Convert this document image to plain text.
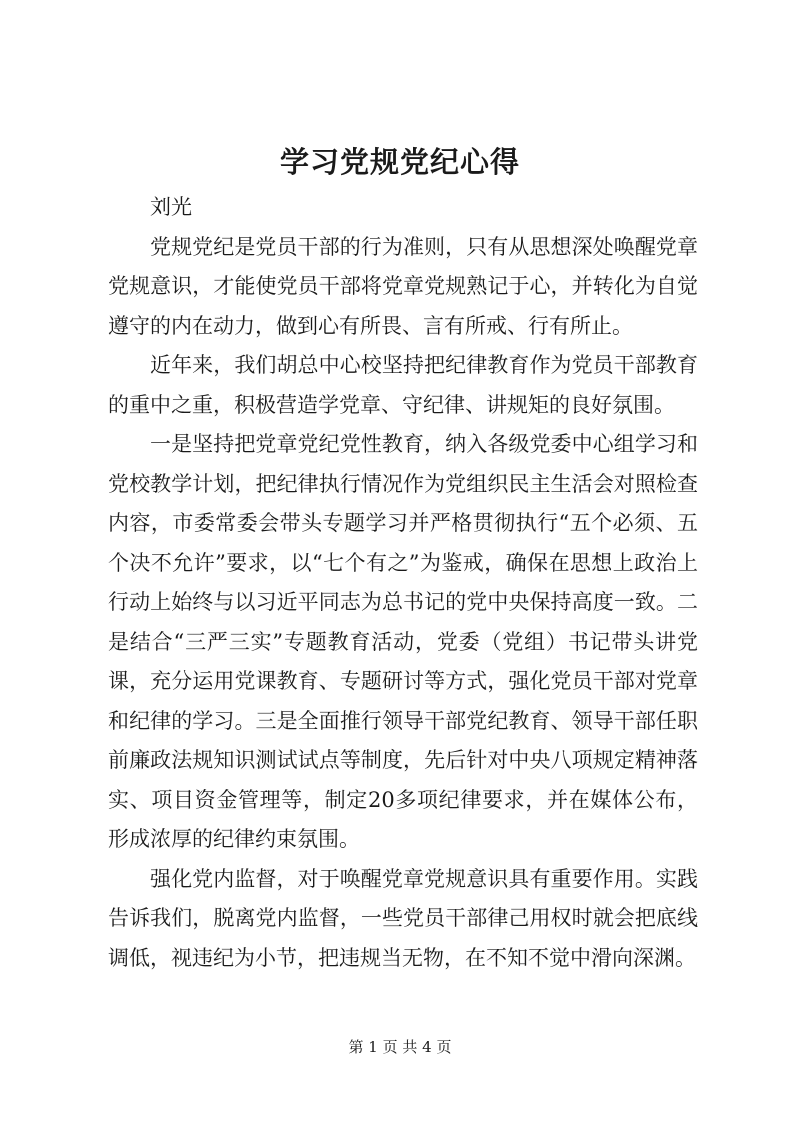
学习党规党纪心得

刘光

党规党纪是党员干部的行为准则，只有从思想深处唤醒党章党规意识，才能使党员干部将党章党规熟记于心，并转化为自觉遵守的内在动力，做到心有所畏、言有所戒、行有所止。

近年来，我们胡总中心校坚持把纪律教育作为党员干部教育的重中之重，积极营造学党章、守纪律、讲规矩的良好氛围。

一是坚持把党章党纪党性教育，纳入各级党委中心组学习和党校教学计划，把纪律执行情况作为党组织民主生活会对照检查内容，市委常委会带头专题学习并严格贯彻执行“五个必须、五个决不允许”要求，以“七个有之”为鉴戒，确保在思想上政治上行动上始终与以习近平同志为总书记的党中央保持高度一致。二是结合“三严三实”专题教育活动，党委（党组）书记带头讲党课，充分运用党课教育、专题研讨等方式，强化党员干部对党章和纪律的学习。三是全面推行领导干部党纪教育、领导干部任职前廉政法规知识测试试点等制度，先后针对中央八项规定精神落实、项目资金管理等，制定20多项纪律要求，并在媒体公布，形成浓厚的纪律约束氛围。

强化党内监督，对于唤醒党章党规意识具有重要作用。实践告诉我们，脱离党内监督，一些党员干部律己用权时就会把底线调低，视违纪为小节，把违规当无物，在不知不觉中滑向深渊。

第 1 页 共 4 页
